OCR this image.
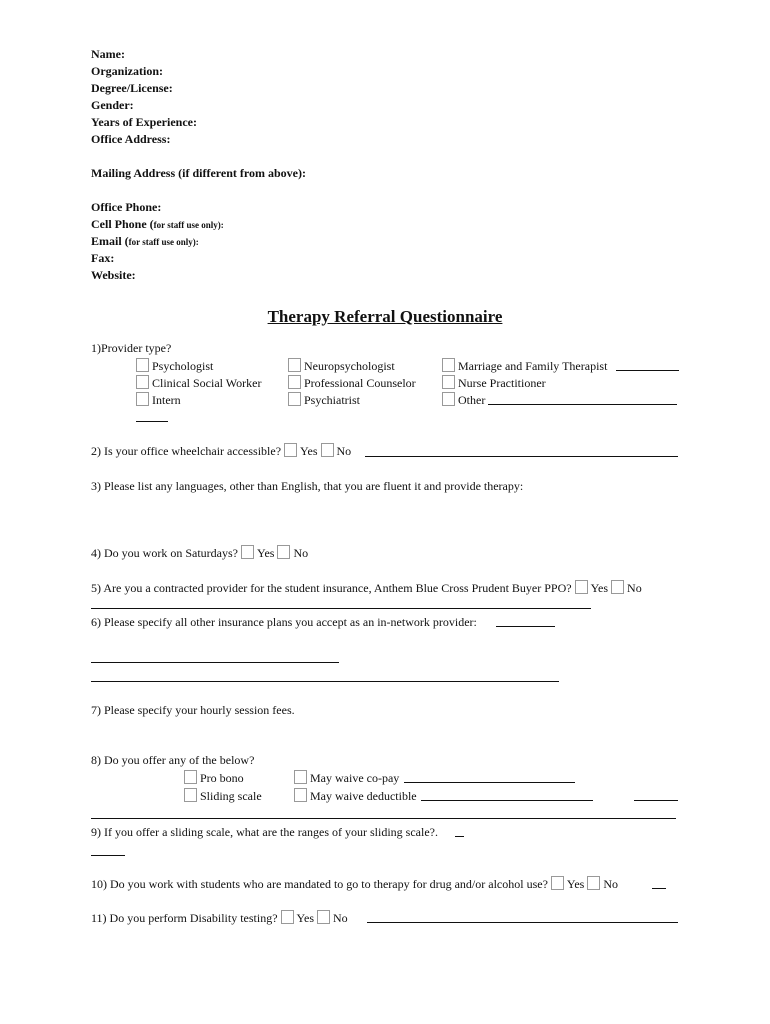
Name:
Organization:
Degree/License:
Gender:
Years of Experience:
Office Address:
Mailing Address (if different from above):
Office Phone:
Cell Phone (for staff use only):
Email (for staff use only):
Fax:
Website:
Therapy Referral Questionnaire
1)Provider type?
Psychologist	Neuropsychologist	Marriage and Family Therapist
Clinical Social Worker	Professional Counselor	Nurse Practitioner
Intern	Psychiatrist	Other
2) Is your office wheelchair accessible? Yes No
3) Please list any languages, other than English, that you are fluent it and provide therapy:
4) Do you work on Saturdays? Yes No
5) Are you a contracted provider for the student insurance, Anthem Blue Cross Prudent Buyer PPO? Yes No
6) Please specify all other insurance plans you accept as an in-network provider:
7) Please specify your hourly session fees.
8) Do you offer any of the below?
Pro bono	May waive co-pay
Sliding scale	May waive deductible
9) If you offer a sliding scale, what are the ranges of your sliding scale?.
10) Do you work with students who are mandated to go to therapy for drug and/or alcohol use? Yes No
11) Do you perform Disability testing? Yes No
